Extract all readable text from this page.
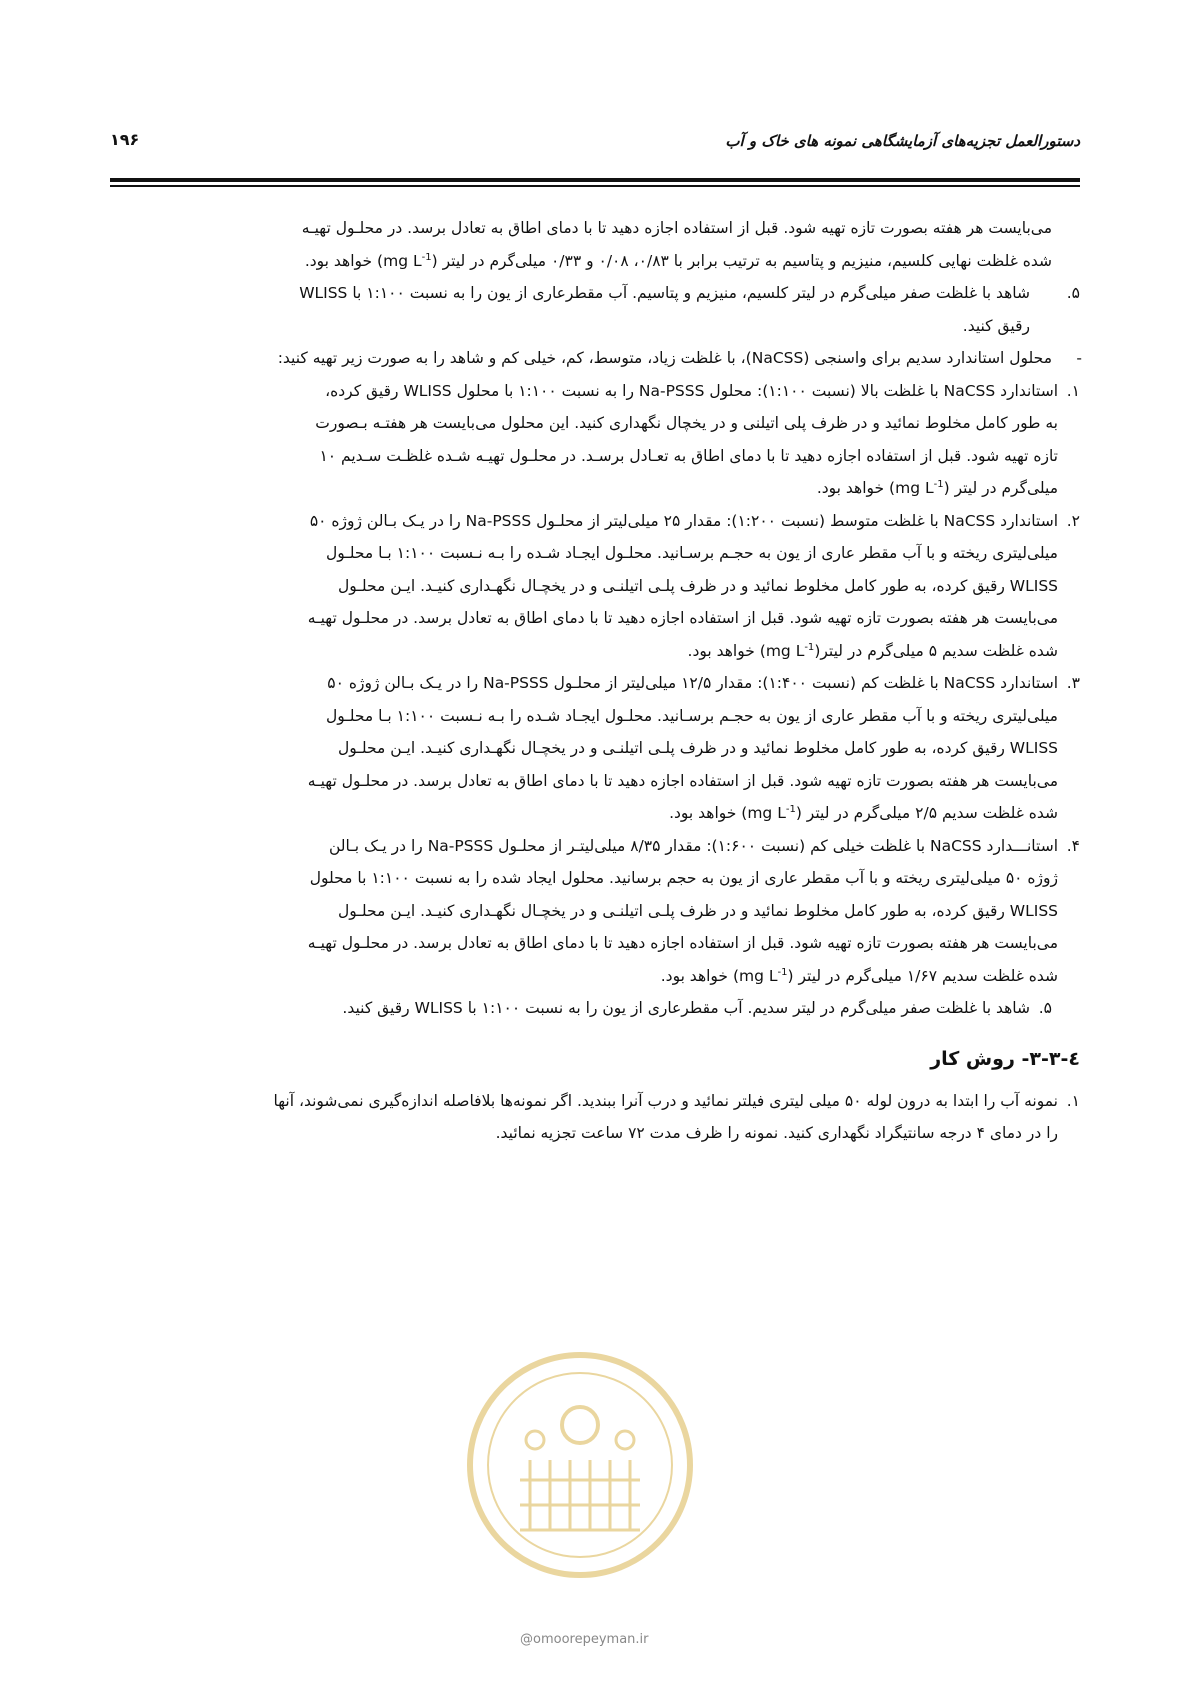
دستورالعمل تجزیه‌های آزمایشگاهی نمونه های خاک و آب
۱۹۶
می‌بایست هر هفته بصورت تازه تهیه شود. قبل از استفاده اجازه دهید تا با دمای اطاق به تعادل برسد. در محلـول تهیـه
شده غلظت نهایی کلسیم، منیزیم و پتاسیم به ترتیب برابر با ۰/۸۳، ۰/۰۸ و ۰/۳۳ میلی‌گرم در لیتر (mg $L^{-1}$) خواهد بود.
۵.
شاهد با غلظت صفر میلی‌گرم در لیتر کلسیم، منیزیم و پتاسیم. آب مقطرعاری از یون را به نسبت ۱:۱۰۰ با WLISS
رقیق کنید.
-
محلول استاندارد سدیم برای واسنجی (NaCSS)، با غلظت زیاد، متوسط، کم، خیلی کم و شاهد را به صورت زیر تهیه کنید:
۱.
استاندارد NaCSS با غلظت بالا (نسبت ۱:۱۰۰): محلول Na-PSSS را به نسبت ۱:۱۰۰ با محلول WLISS رقیق کرده،
به طور کامل مخلوط نمائید و در ظرف پلی اتیلنی و در یخچال نگهداری کنید. این محلول می‌بایست هر هفتـه بـصورت
تازه تهیه شود. قبل از استفاده اجازه دهید تا با دمای اطاق به تعـادل برسـد. در محلـول تهیـه شـده غلظـت سـدیم ۱۰
میلی‌گرم در لیتر (mg $L^{-1}$) خواهد بود.
۲.
استاندارد NaCSS با غلظت متوسط (نسبت ۱:۲۰۰): مقدار ۲۵ میلی‌لیتر از محلـول Na-PSSS را در یـک بـالن ژوژه ۵۰
میلی‌لیتری ریخته و با آب مقطر عاری از یون به حجـم برسـانید. محلـول ایجـاد شـده را بـه نـسبت ۱:۱۰۰ بـا محلـول
WLISS رقیق کرده، به طور کامل مخلوط نمائید و در ظرف پلـی اتیلنـی و در یخچـال نگهـداری کنیـد. ایـن محلـول
می‌بایست هر هفته بصورت تازه تهیه شود. قبل از استفاده اجازه دهید تا با دمای اطاق به تعادل برسد. در محلـول تهیـه
شده غلظت سدیم ۵ میلی‌گرم در لیتر(mg $L^{-1}$) خواهد بود.
۳.
استاندارد NaCSS با غلظت کم (نسبت ۱:۴۰۰): مقدار ۱۲/۵ میلی‌لیتر از محلـول Na-PSSS را در یـک بـالن ژوژه ۵۰
میلی‌لیتری ریخته و با آب مقطر عاری از یون به حجـم برسـانید. محلـول ایجـاد شـده را بـه نـسبت ۱:۱۰۰ بـا محلـول
WLISS رقیق کرده، به طور کامل مخلوط نمائید و در ظرف پلـی اتیلنـی و در یخچـال نگهـداری کنیـد. ایـن محلـول
می‌بایست هر هفته بصورت تازه تهیه شود. قبل از استفاده اجازه دهید تا با دمای اطاق به تعادل برسد. در محلـول تهیـه
شده غلظت سدیم ۲/۵ میلی‌گرم در لیتر (mg $L^{-1}$) خواهد بود.
۴.
استانـــدارد NaCSS با غلظت خیلی کم (نسبت ۱:۶۰۰): مقدار ۸/۳۵ میلی‌لیتـر از محلـول Na-PSSS را در یـک بـالن
ژوژه ۵۰ میلی‌لیتری ریخته و با آب مقطر عاری از یون به حجم برسانید. محلول ایجاد شده را به نسبت ۱:۱۰۰ با محلول
WLISS رقیق کرده، به طور کامل مخلوط نمائید و در ظرف پلـی اتیلنـی و در یخچـال نگهـداری کنیـد. ایـن محلـول
می‌بایست هر هفته بصورت تازه تهیه شود. قبل از استفاده اجازه دهید تا با دمای اطاق به تعادل برسد. در محلـول تهیـه
شده غلظت سدیم ۱/۶۷ میلی‌گرم در لیتر (mg $L^{-1}$) خواهد بود.
۵.
شاهد با غلظت صفر میلی‌گرم در لیتر سدیم. آب مقطرعاری از یون را به نسبت ۱:۱۰۰ با WLISS رقیق کنید.
٤-٣-٣- روش کار
۱.
نمونه آب را ابتدا به درون لوله ۵۰ میلی لیتری فیلتر نمائید و درب آنرا ببندید. اگر نمونه‌ها بلافاصله اندازه‌گیری نمی‌شوند، آنها
را در دمای ۴ درجه سانتیگراد نگهداری کنید. نمونه را ظرف مدت ۷۲ ساعت تجزیه نمائید.
@omoorepeyman.ir
